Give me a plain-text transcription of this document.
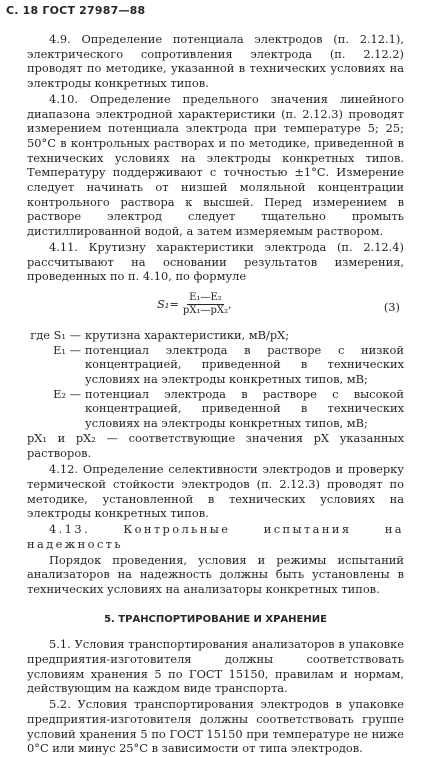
С. 18 ГОСТ 27987—88

4.9. Определение потенциала электродов (п. 2.12.1), электрического сопротивления электрода (п. 2.12.2) проводят по методике, указанной в технических условиях на электроды конкретных типов.

4.10. Определение предельного значения линейного диапазона электродной характеристики (п. 2.12.3) проводят измерением потенциала электрода при температуре 5; 25; 50°С в контрольных растворах и по методике, приведенной в технических условиях на электроды конкретных типов. Температуру поддерживают с точностью ±1°С. Измерение следует начинать от низшей моляльной концентрации контрольного раствора к высшей. Перед измерением в растворе электрод следует тщательно промыть дистиллированной водой, а затем измеряемым раствором.

4.11. Крутизну характеристики электрода (п. 2.12.4) рассчитывают на основании результатов измерения, проведенных по п. 4.10, по формуле

$S_1= \frac{\text{E₁—E₂}}{\text{pX₁—pX₂}}$ ,	(3)
где S₁ — крутизна характеристики, мВ/pX;
E₁ — потенциал электрода в растворе с низкой концентрацией, приведенной в технических условиях на электроды конкретных типов, мВ;
E₂ — потенциал электрода в растворе с высокой концентрацией, приведенной в технических условиях на электроды конкретных типов, мВ;

pX₁ и pX₂ — соответствующие значения pX указанных растворов.

4.12. Определение селективности электродов и проверку термической стойкости электродов (п. 2.12.3) проводят по методике, установленной в технических условиях на электроды конкретных типов.

4.13. Контрольные испытания на надежность

Порядок проведения, условия и режимы испытаний анализаторов на надежность должны быть установлены в технических условиях на анализаторы конкретных типов.

5. ТРАНСПОРТИРОВАНИЕ И ХРАНЕНИЕ

5.1. Условия транспортирования анализаторов в упаковке предприятия-изготовителя должны соответствовать условиям хранения 5 по ГОСТ 15150, правилам и нормам, действующим на каждом виде транспорта.

5.2. Условия транспортирования электродов в упаковке предприятия-изготовителя должны соответствовать группе условий хранения 5 по ГОСТ 15150 при температуре не ниже 0°С или минус 25°С в зависимости от типа электродов.
